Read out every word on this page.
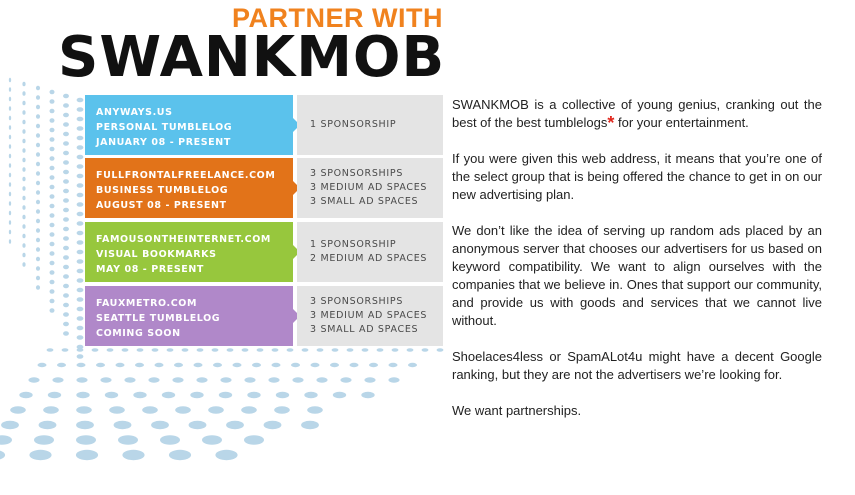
PARTNER WITH
SWANKMOB
ANYWAYS.US
PERSONAL TUMBLELOG
JANUARY 08 - PRESENT
1 SPONSORSHIP
FULLFRONTALFREELANCE.COM
BUSINESS TUMBLELOG
AUGUST 08 - PRESENT
3 SPONSORSHIPS
3 MEDIUM AD SPACES
3 SMALL AD SPACES
FAMOUSONTHEINTERNET.COM
VISUAL BOOKMARKS
MAY 08 - PRESENT
1 SPONSORSHIP
2 MEDIUM AD SPACES
FAUXMETRO.COM
SEATTLE TUMBLELOG
COMING SOON
3 SPONSORSHIPS
3 MEDIUM AD SPACES
3 SMALL AD SPACES

SWANKMOB is a collective of young genius, cranking out the best of the best tumblelogs* for your entertainment.

If you were given this web address, it means that you’re one of the select group that is being offered the chance to get in on our new advertising plan.

We don’t like the idea of serving up random ads placed by an anonymous server that chooses our advertisers for us based on keyword compatibility. We want to align ourselves with the companies that we believe in. Ones that support our community, and provide us with goods and services that we cannot live without.

Shoelaces4less or SpamALot4u might have a decent Google ranking, but they are not the advertisers we’re looking for.

We want partnerships.
